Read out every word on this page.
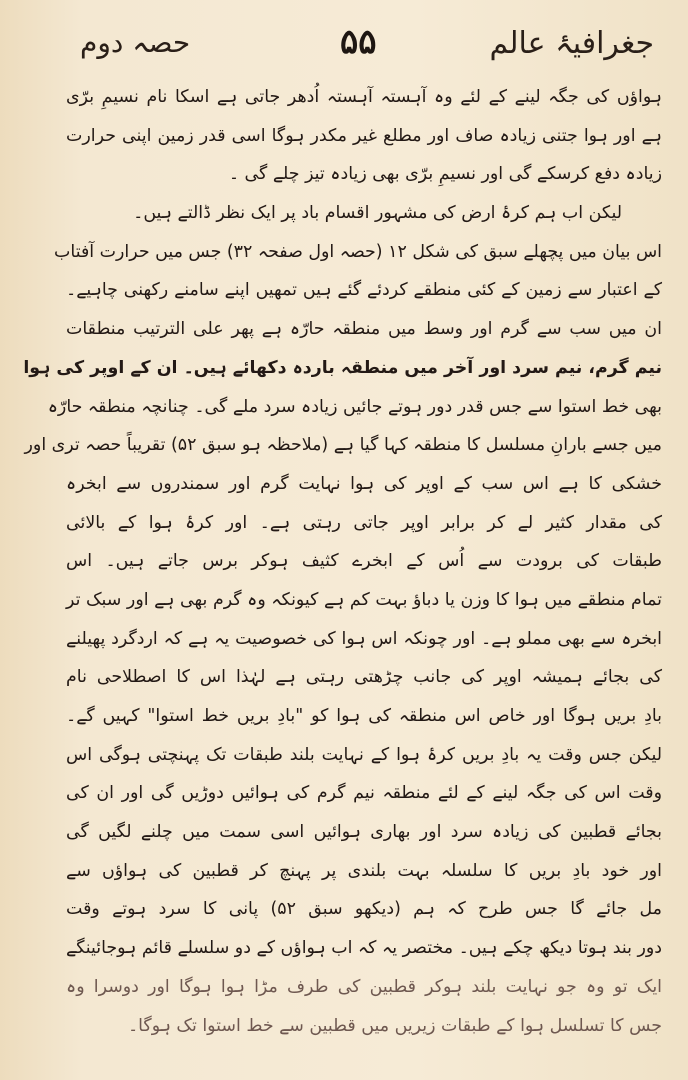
حصہ دوم	۵۵	جغرافیۂ عالم
ہواؤں کی جگہ لینے کے لئے وہ آہستہ آہستہ اُدھر جاتی ہے اسکا نام نسیمِ برّی
ہے اور ہوا جتنی زیادہ صاف اور مطلع غیر مکدر ہوگا اسی قدر زمین اپنی حرارت
زیادہ دفع کرسکے گی اور نسیمِ برّی بھی زیادہ تیز چلے گی ۔
لیکن اب ہم کرۂ ارض کی مشہور اقسام باد پر ایک نظر ڈالتے ہیں۔
اس بیان میں پچھلے سبق کی شکل ۱۲ (حصہ اول صفحہ ۳۲) جس میں حرارت آفتاب
کے اعتبار سے زمین کے کئی منطقے کردئے گئے ہیں تمھیں اپنے سامنے رکھنی چاہیے۔
ان میں سب سے گرم اور وسط میں منطقہ حارّہ ہے پھر علی الترتیب منطقات
نیم گرم، نیم سرد اور آخر میں منطقہ باردہ دکھائے ہیں۔ ان کے اوپر کی ہوا
بھی خط استوا سے جس قدر دور ہوتے جائیں زیادہ سرد ملے گی۔ چنانچہ منطقہ حارّہ
میں جسے بارانِ مسلسل کا منطقہ کہا گیا ہے (ملاحظہ ہو سبق ۵۲) تقریباً حصہ تری اور
خشکی کا ہے اس سب کے اوپر کی ہوا نہایت گرم اور سمندروں سے ابخرہ
کی مقدار کثیر لے کر برابر اوپر جاتی رہتی ہے۔ اور کرۂ ہوا کے بالائی
طبقات کی برودت سے اُس کے ابخرے کثیف ہوکر برس جاتے ہیں۔ اس
تمام منطقے میں ہوا کا وزن یا دباؤ بہت کم ہے کیونکہ وہ گرم بھی ہے اور سبک تر
ابخرہ سے بھی مملو ہے۔ اور چونکہ اس ہوا کی خصوصیت یہ ہے کہ اردگرد پھیلنے
کی بجائے ہمیشہ اوپر کی جانب چڑھتی رہتی ہے لہٰذا اس کا اصطلاحی نام
بادِ بریں ہوگا اور خاص اس منطقہ کی ہوا کو "بادِ بریں خط استوا" کہیں گے۔
لیکن جس وقت یہ بادِ بریں کرۂ ہوا کے نہایت بلند طبقات تک پہنچتی ہوگی اس
وقت اس کی جگہ لینے کے لئے منطقہ نیم گرم کی ہوائیں دوڑیں گی اور ان کی
بجائے قطبین کی زیادہ سرد اور بھاری ہوائیں اسی سمت میں چلنے لگیں گی
اور خود بادِ بریں کا سلسلہ بہت بلندی پر پہنچ کر قطبین کی ہواؤں سے
مل جائے گا جس طرح کہ ہم (دیکھو سبق ۵۲) پانی کا سرد ہوتے وقت
دور بند ہوتا دیکھ چکے ہیں۔ مختصر یہ کہ اب ہواؤں کے دو سلسلے قائم ہوجائینگے
ایک تو وہ جو نہایت بلند ہوکر قطبین کی طرف مڑا ہوا ہوگا اور دوسرا وہ
جس کا تسلسل ہوا کے طبقات زیریں میں قطبین سے خط استوا تک ہوگا۔
